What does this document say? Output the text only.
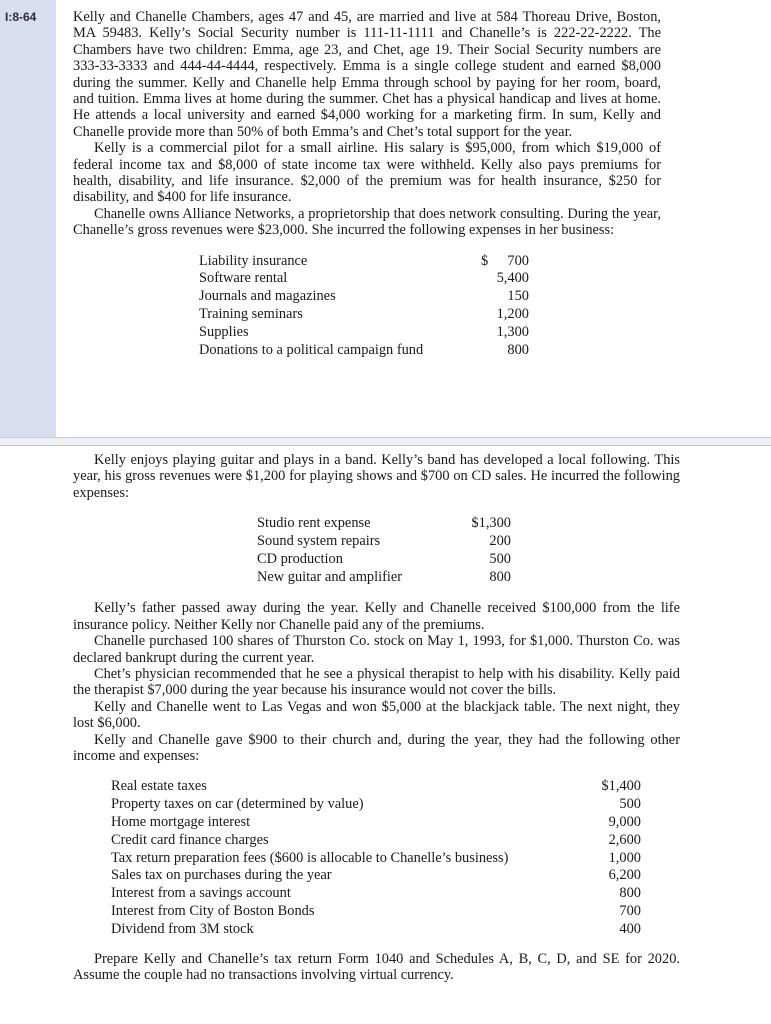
I:8-64	Kelly and Chanelle Chambers, ages 47 and 45, are married and live at 584 Thoreau Drive, Boston, MA 59483. Kelly’s Social Security number is 111-11-1111 and Chanelle’s is 222-22-2222. The Chambers have two children: Emma, age 23, and Chet, age 19. Their Social Security numbers are 333-33-3333 and 444-44-4444, respectively. Emma is a single college student and earned $8,000 during the summer. Kelly and Chanelle help Emma through school by paying for her room, board, and tuition. Emma lives at home during the summer. Chet has a physical handicap and lives at home. He attends a local university and earned $4,000 working for a marketing firm. In sum, Kelly and Chanelle provide more than 50% of both Emma’s and Chet’s total support for the year.

Kelly is a commercial pilot for a small airline. His salary is $95,000, from which $19,000 of federal income tax and $8,000 of state income tax were withheld. Kelly also pays premiums for health, disability, and life insurance. $2,000 of the premium was for health insurance, $250 for disability, and $400 for life insurance.

Chanelle owns Alliance Networks, a proprietorship that does network consulting. During the year, Chanelle’s gross revenues were $23,000. She incurred the following expenses in her business:

Liability insurance	$ 700
Software rental	5,400
Journals and magazines	150
Training seminars	1,200
Supplies	1,300
Donations to a political campaign fund	800

Kelly enjoys playing guitar and plays in a band. Kelly’s band has developed a local following. This year, his gross revenues were $1,200 for playing shows and $700 on CD sales. He incurred the following expenses:

Studio rent expense	$1,300
Sound system repairs	200
CD production	500
New guitar and amplifier	800

Kelly’s father passed away during the year. Kelly and Chanelle received $100,000 from the life insurance policy. Neither Kelly nor Chanelle paid any of the premiums.

Chanelle purchased 100 shares of Thurston Co. stock on May 1, 1993, for $1,000. Thurston Co. was declared bankrupt during the current year.

Chet’s physician recommended that he see a physical therapist to help with his disability. Kelly paid the therapist $7,000 during the year because his insurance would not cover the bills.

Kelly and Chanelle went to Las Vegas and won $5,000 at the blackjack table. The next night, they lost $6,000.

Kelly and Chanelle gave $900 to their church and, during the year, they had the following other income and expenses:

Real estate taxes	$1,400
Property taxes on car (determined by value)	500
Home mortgage interest	9,000
Credit card finance charges	2,600
Tax return preparation fees ($600 is allocable to Chanelle’s business)	1,000
Sales tax on purchases during the year	6,200
Interest from a savings account	800
Interest from City of Boston Bonds	700
Dividend from 3M stock	400

Prepare Kelly and Chanelle’s tax return Form 1040 and Schedules A, B, C, D, and SE for 2020. Assume the couple had no transactions involving virtual currency.
